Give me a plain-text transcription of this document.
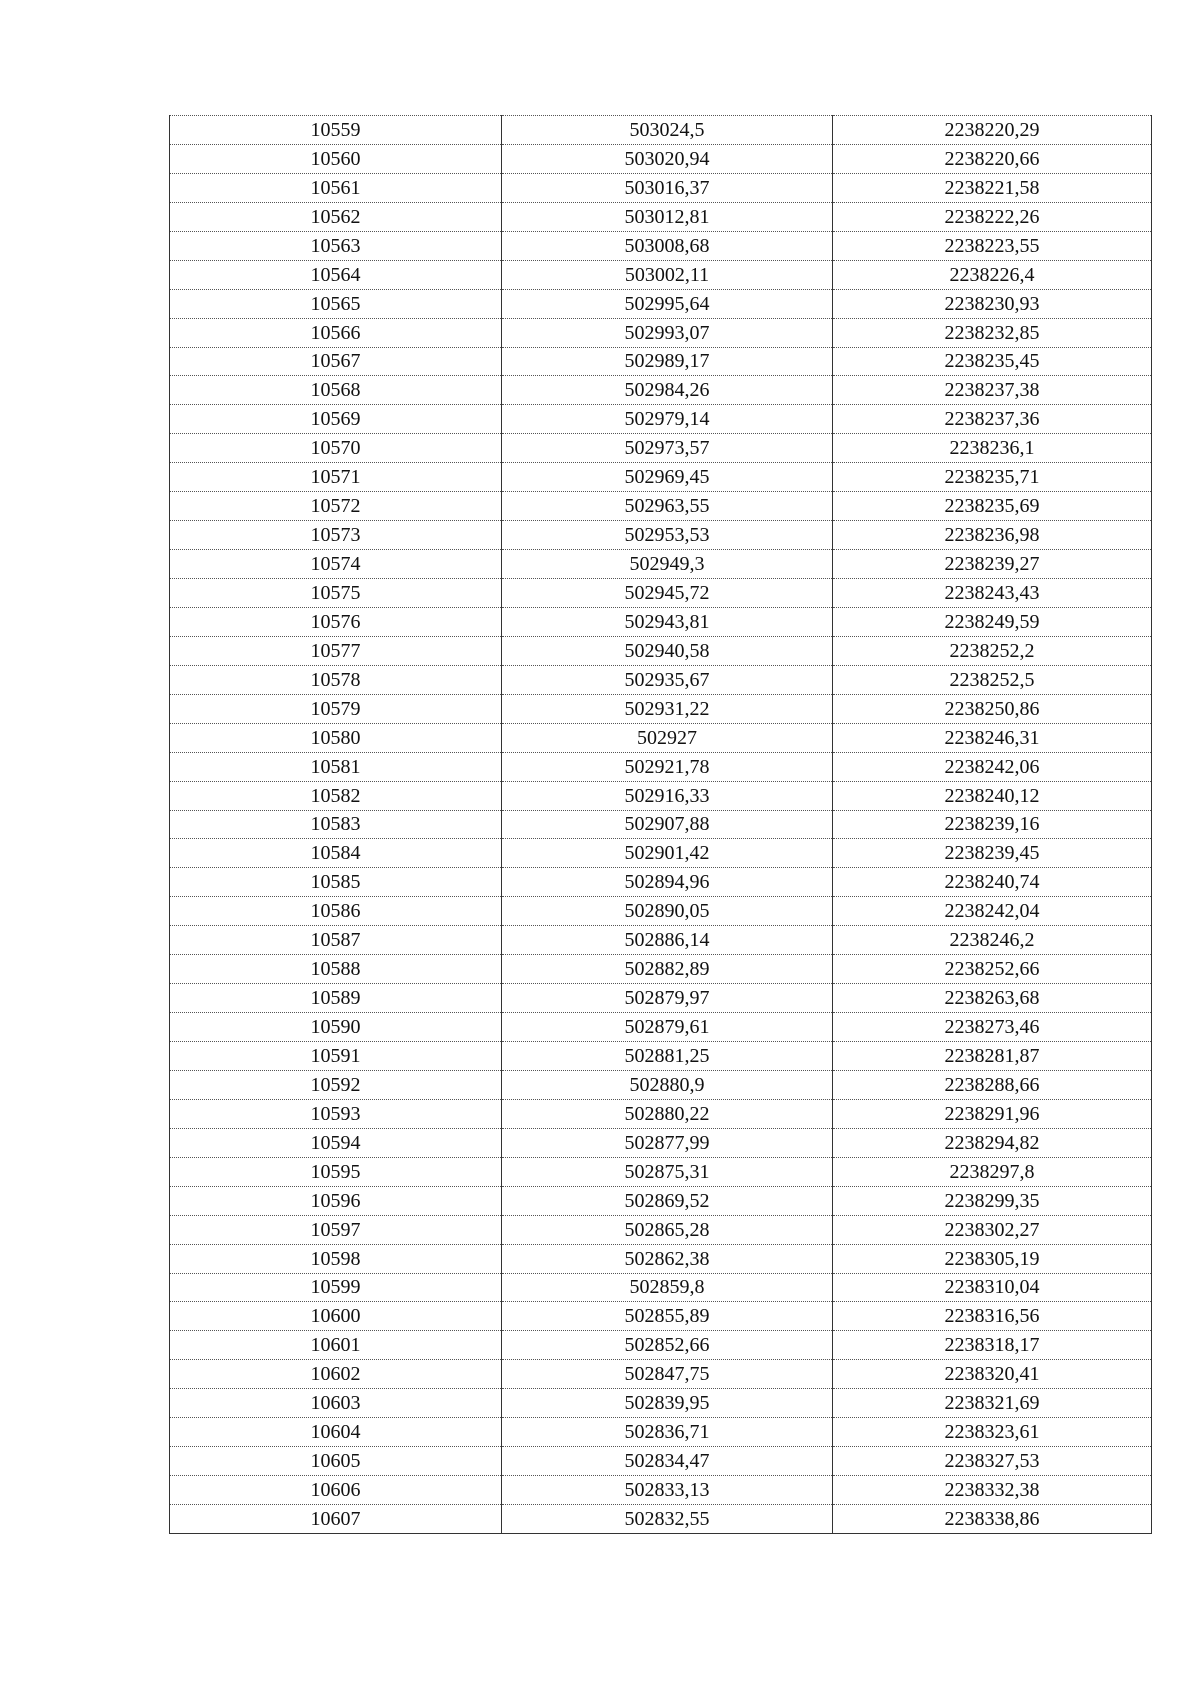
10559	503024,5	2238220,29
10560	503020,94	2238220,66
10561	503016,37	2238221,58
10562	503012,81	2238222,26
10563	503008,68	2238223,55
10564	503002,11	2238226,4
10565	502995,64	2238230,93
10566	502993,07	2238232,85
10567	502989,17	2238235,45
10568	502984,26	2238237,38
10569	502979,14	2238237,36
10570	502973,57	2238236,1
10571	502969,45	2238235,71
10572	502963,55	2238235,69
10573	502953,53	2238236,98
10574	502949,3	2238239,27
10575	502945,72	2238243,43
10576	502943,81	2238249,59
10577	502940,58	2238252,2
10578	502935,67	2238252,5
10579	502931,22	2238250,86
10580	502927	2238246,31
10581	502921,78	2238242,06
10582	502916,33	2238240,12
10583	502907,88	2238239,16
10584	502901,42	2238239,45
10585	502894,96	2238240,74
10586	502890,05	2238242,04
10587	502886,14	2238246,2
10588	502882,89	2238252,66
10589	502879,97	2238263,68
10590	502879,61	2238273,46
10591	502881,25	2238281,87
10592	502880,9	2238288,66
10593	502880,22	2238291,96
10594	502877,99	2238294,82
10595	502875,31	2238297,8
10596	502869,52	2238299,35
10597	502865,28	2238302,27
10598	502862,38	2238305,19
10599	502859,8	2238310,04
10600	502855,89	2238316,56
10601	502852,66	2238318,17
10602	502847,75	2238320,41
10603	502839,95	2238321,69
10604	502836,71	2238323,61
10605	502834,47	2238327,53
10606	502833,13	2238332,38
10607	502832,55	2238338,86
